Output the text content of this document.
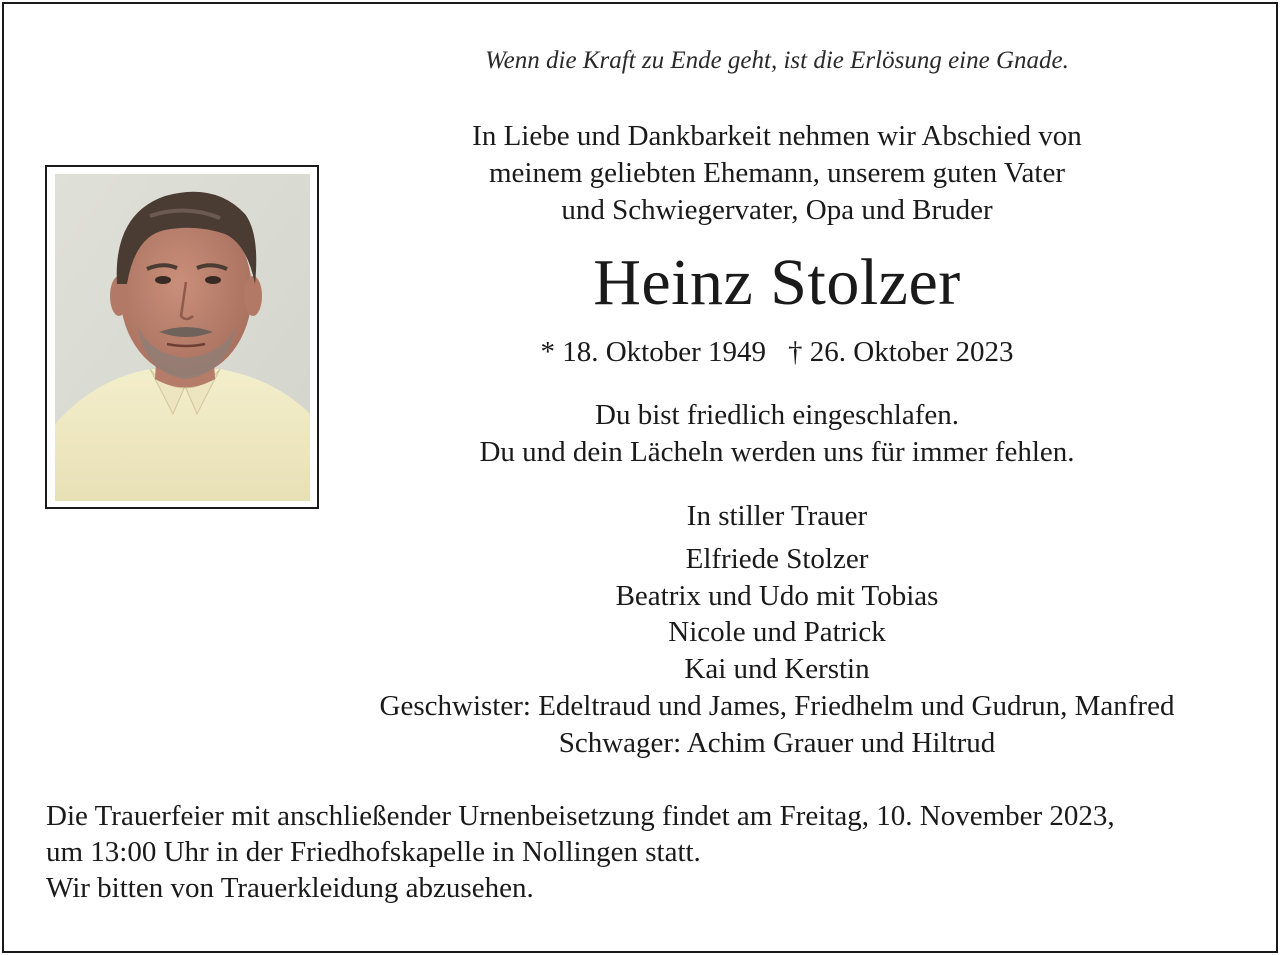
Wenn die Kraft zu Ende geht, ist die Erlösung eine Gnade.
In Liebe und Dankbarkeit nehmen wir Abschied von
meinem geliebten Ehemann, unserem guten Vater
und Schwiegervater, Opa und Bruder
Heinz Stolzer
* 18. Oktober 1949 † 26. Oktober 2023
Du bist friedlich eingeschlafen.
Du und dein Lächeln werden uns für immer fehlen.
In stiller Trauer
Elfriede Stolzer
Beatrix und Udo mit Tobias
Nicole und Patrick
Kai und Kerstin
Geschwister: Edeltraud und James, Friedhelm und Gudrun, Manfred
Schwager: Achim Grauer und Hiltrud
Die Trauerfeier mit anschließender Urnenbeisetzung findet am Freitag, 10. November 2023,
um 13:00 Uhr in der Friedhofskapelle in Nollingen statt.
Wir bitten von Trauerkleidung abzusehen.
